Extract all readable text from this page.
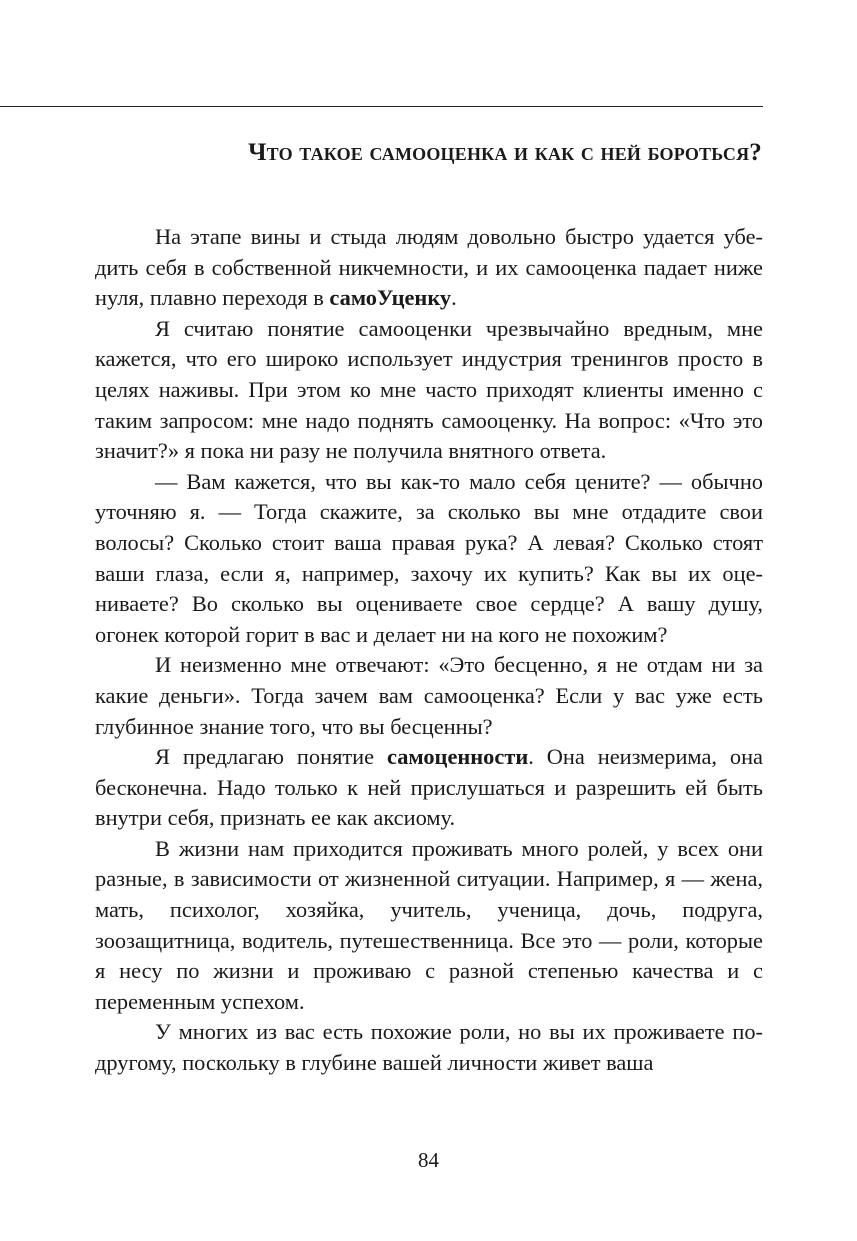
Что такое самооценка и как с ней бороться?

На этапе вины и стыда людям довольно быстро удается убедить себя в собственной никчемности, и их самооценка падает ниже нуля, плавно переходя в самоУценку.

Я считаю понятие самооценки чрезвычайно вредным, мне кажется, что его широко использует индустрия тренингов просто в целях наживы. При этом ко мне часто приходят клиенты именно с таким запросом: мне надо поднять самооценку. На вопрос: «Что это значит?» я пока ни разу не получила внятного ответа.

— Вам кажется, что вы как-то мало себя цените? — обычно уточняю я. — Тогда скажите, за сколько вы мне отдадите свои волосы? Сколько стоит ваша правая рука? А левая? Сколько стоят ваши глаза, если я, например, захочу их купить? Как вы их оцениваете? Во сколько вы оцениваете свое сердце? А вашу душу, огонек которой горит в вас и делает ни на кого не похожим?

И неизменно мне отвечают: «Это бесценно, я не отдам ни за какие деньги». Тогда зачем вам самооценка? Если у вас уже есть глубинное знание того, что вы бесценны?

Я предлагаю понятие самоценности. Она неизмерима, она бесконечна. Надо только к ней прислушаться и разрешить ей быть внутри себя, признать ее как аксиому.

В жизни нам приходится проживать много ролей, у всех они разные, в зависимости от жизненной ситуации. Например, я — жена, мать, психолог, хозяйка, учитель, ученица, дочь, подруга, зоозащитница, водитель, путешественница. Все это — роли, которые я несу по жизни и проживаю с разной степенью качества и с переменным успехом.

У многих из вас есть похожие роли, но вы их проживаете по-другому, поскольку в глубине вашей личности живет ваша

84
